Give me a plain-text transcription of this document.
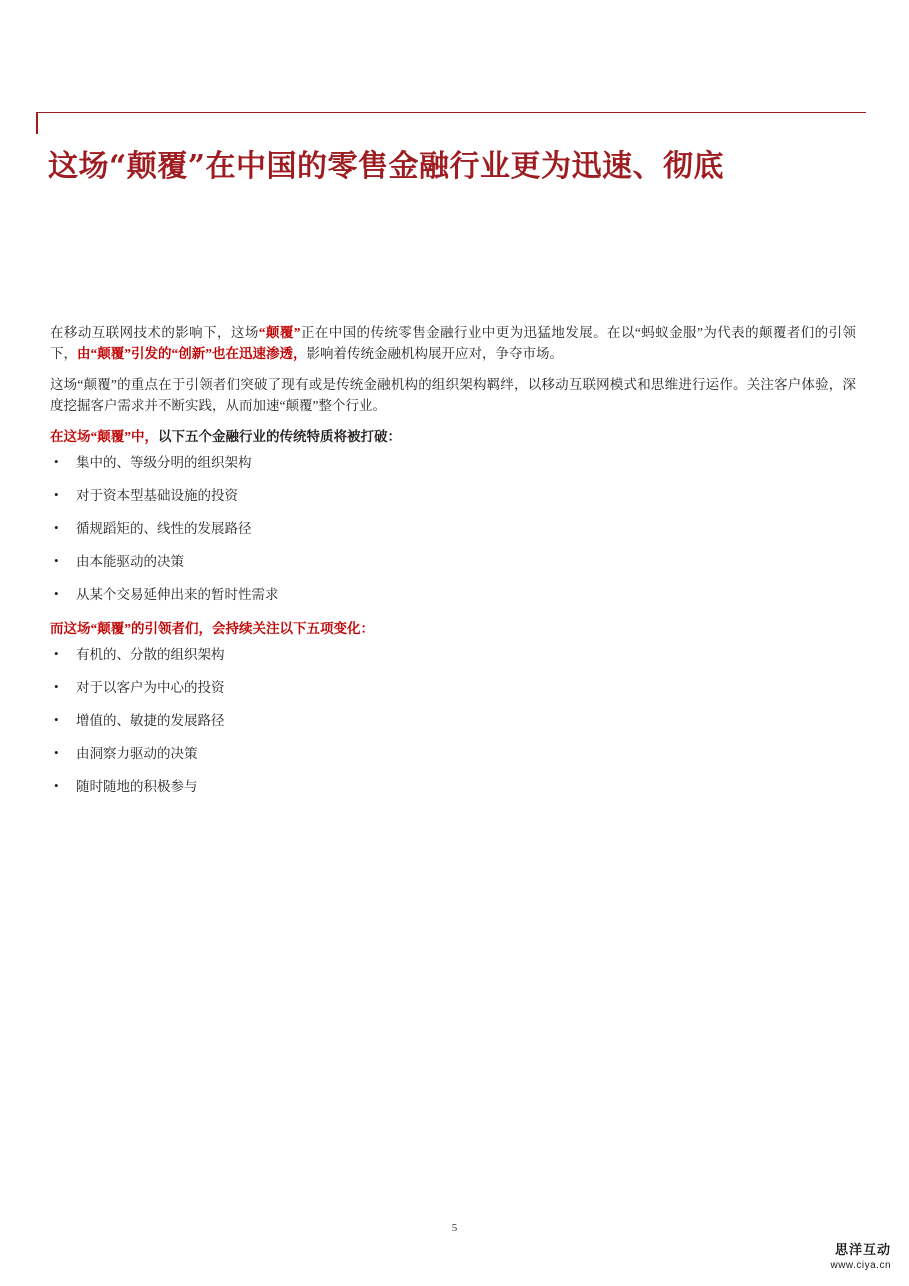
这场“颠覆”在中国的零售金融行业更为迅速、彻底

在移动互联网技术的影响下，这场“颠覆”正在中国的传统零售金融行业中更为迅猛地发展。在以“蚂蚁金服”为代表的颠覆者们的引领下，由“颠覆”引发的“创新”也在迅速渗透，影响着传统金融机构展开应对，争夺市场。

这场“颠覆”的重点在于引领者们突破了现有或是传统金融机构的组织架构羁绊，以移动互联网模式和思维进行运作。关注客户体验，深度挖掘客户需求并不断实践，从而加速“颠覆”整个行业。

在这场“颠覆”中，以下五个金融行业的传统特质将被打破：

• 集中的、等级分明的组织架构
• 对于资本型基础设施的投资
• 循规蹈矩的、线性的发展路径
• 由本能驱动的决策
• 从某个交易延伸出来的暂时性需求

而这场“颠覆”的引领者们，会持续关注以下五项变化：

• 有机的、分散的组织架构
• 对于以客户为中心的投资
• 增值的、敏捷的发展路径
• 由洞察力驱动的决策
• 随时随地的积极参与
5
思洋互动
www.ciya.cn
